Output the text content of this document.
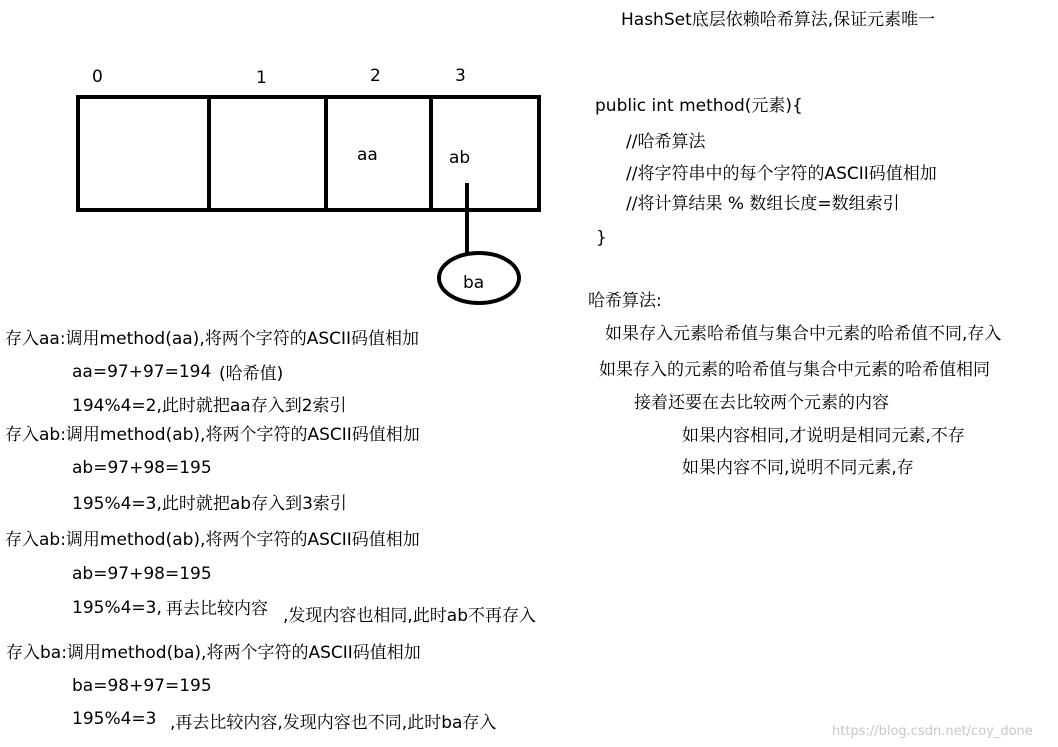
HashSet底层依赖哈希算法,保证元素唯一
0	1	2	3
aa	ab
ba
public int method(元素){
//哈希算法
//将字符串中的每个字符的ASCII码值相加
//将计算结果 % 数组长度=数组索引
}
哈希算法:
如果存入元素哈希值与集合中元素的哈希值不同,存入
如果存入的元素的哈希值与集合中元素的哈希值相同
接着还要在去比较两个元素的内容
如果内容相同,才说明是相同元素,不存
如果内容不同,说明不同元素,存
存入aa:调用method(aa),将两个字符的ASCII码值相加
aa=97+97=194 (哈希值)
194%4=2,此时就把aa存入到2索引
存入ab:调用method(ab),将两个字符的ASCII码值相加
ab=97+98=195
195%4=3,此时就把ab存入到3索引
存入ab:调用method(ab),将两个字符的ASCII码值相加
ab=97+98=195
195%4=3, 再去比较内容 ,发现内容也相同,此时ab不再存入
存入ba:调用method(ba),将两个字符的ASCII码值相加
ba=98+97=195
195%4=3 ,再去比较内容,发现内容也不同,此时ba存入	https://blog.csdn.net/coy_done
